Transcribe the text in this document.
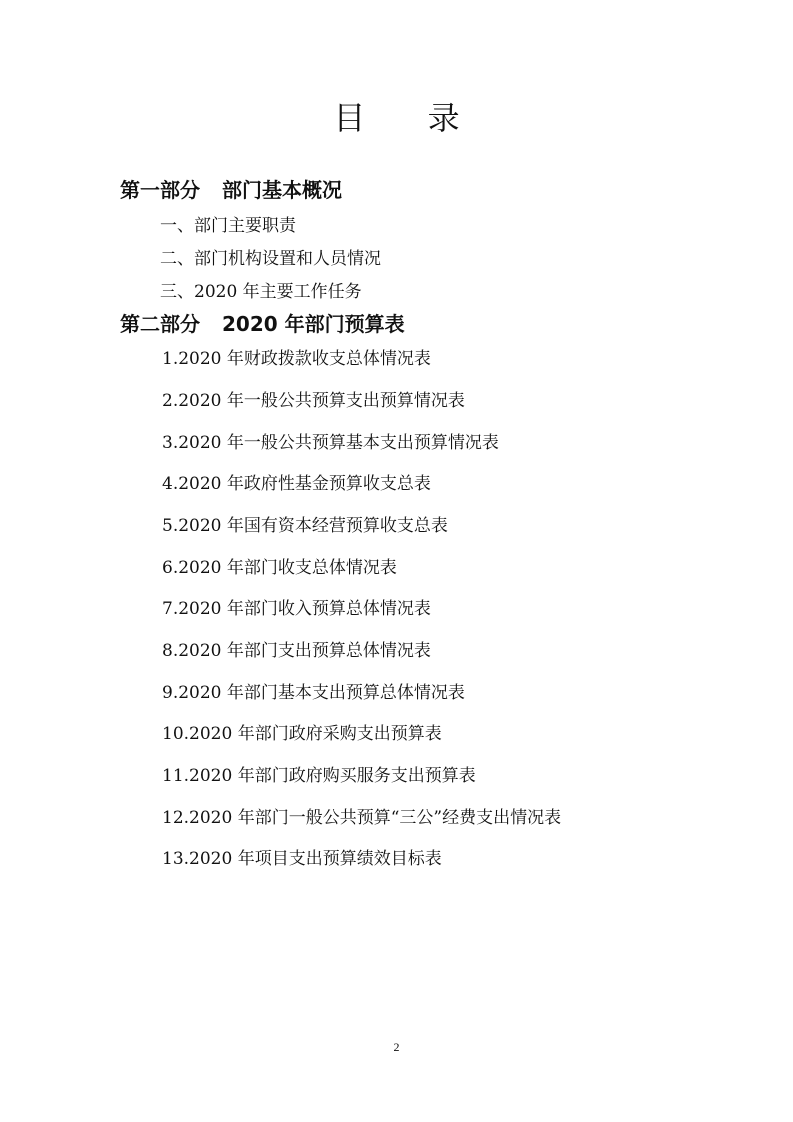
目 录
第一部分 部门基本概况
一、部门主要职责
二、部门机构设置和人员情况
三、2020 年主要工作任务
第二部分 2020 年部门预算表
1.2020 年财政拨款收支总体情况表
2.2020 年一般公共预算支出预算情况表
3.2020 年一般公共预算基本支出预算情况表
4.2020 年政府性基金预算收支总表
5.2020 年国有资本经营预算收支总表
6.2020 年部门收支总体情况表
7.2020 年部门收入预算总体情况表
8.2020 年部门支出预算总体情况表
9.2020 年部门基本支出预算总体情况表
10.2020 年部门政府采购支出预算表
11.2020 年部门政府购买服务支出预算表
12.2020 年部门一般公共预算“三公”经费支出情况表
13.2020 年项目支出预算绩效目标表
2
